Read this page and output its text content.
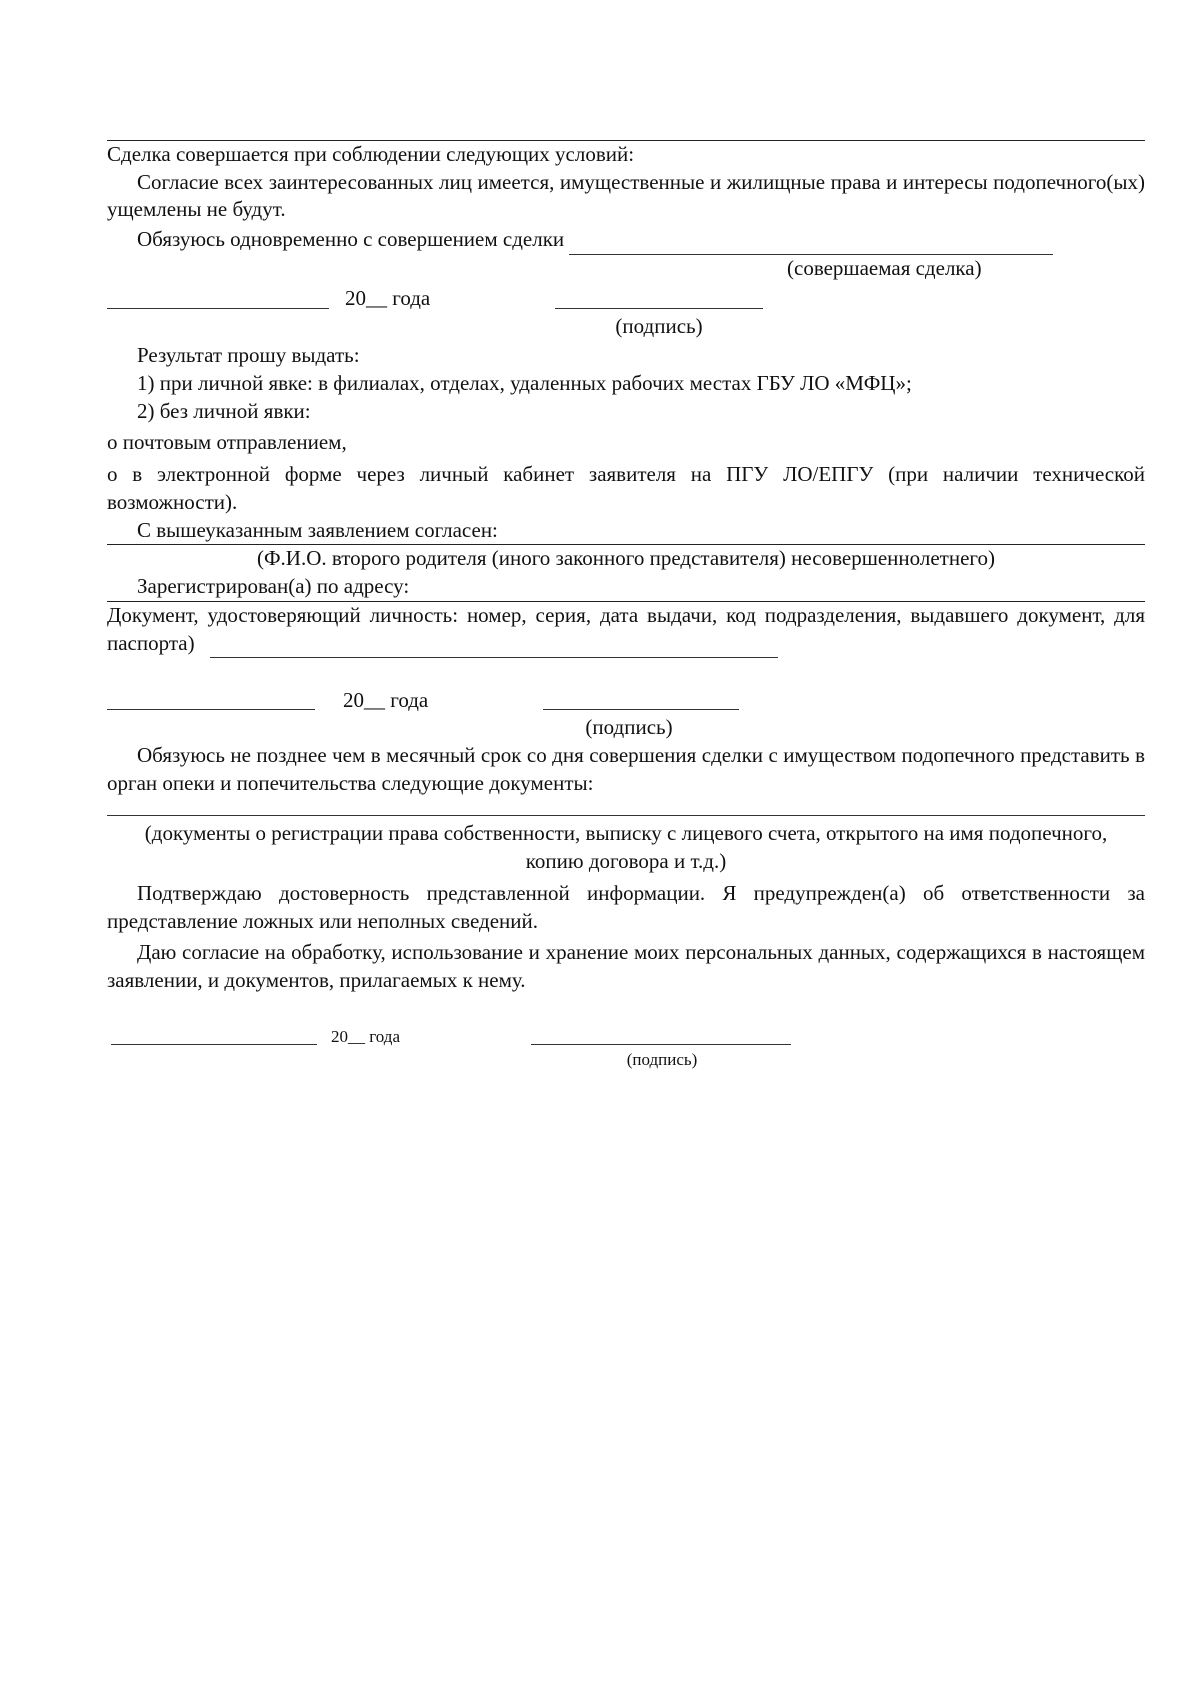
Сделка совершается при соблюдении следующих условий:

Согласие всех заинтересованных лиц имеется, имущественные и жилищные права и интересы подопечного(ых) ущемлены не будут.

Обязуюсь одновременно с совершением сделки

(совершаемая сделка)

20__ года

(подпись)

Результат прошу выдать:

1) при личной явке: в филиалах, отделах, удаленных рабочих местах ГБУ ЛО «МФЦ»;

2) без личной явки:

о почтовым отправлением,

о в электронной форме через личный кабинет заявителя на ПГУ ЛО/ЕПГУ (при наличии технической возможности).

С вышеуказанным заявлением согласен:

(Ф.И.О. второго родителя (иного законного представителя) несовершеннолетнего)

Зарегистрирован(а) по адресу:

Документ, удостоверяющий личность: номер, серия, дата выдачи, код подразделения, выдавшего документ, для паспорта)

20__ года

(подпись)

Обязуюсь не позднее чем в месячный срок со дня совершения сделки с имуществом подопечного представить в орган опеки и попечительства следующие документы:

(документы о регистрации права собственности, выписку с лицевого счета, открытого на имя подопечного, копию договора и т.д.)

Подтверждаю достоверность представленной информации. Я предупрежден(а) об ответственности за представление ложных или неполных сведений.

Даю согласие на обработку, использование и хранение моих персональных данных, содержащихся в настоящем заявлении, и документов, прилагаемых к нему.

20__ года

(подпись)
